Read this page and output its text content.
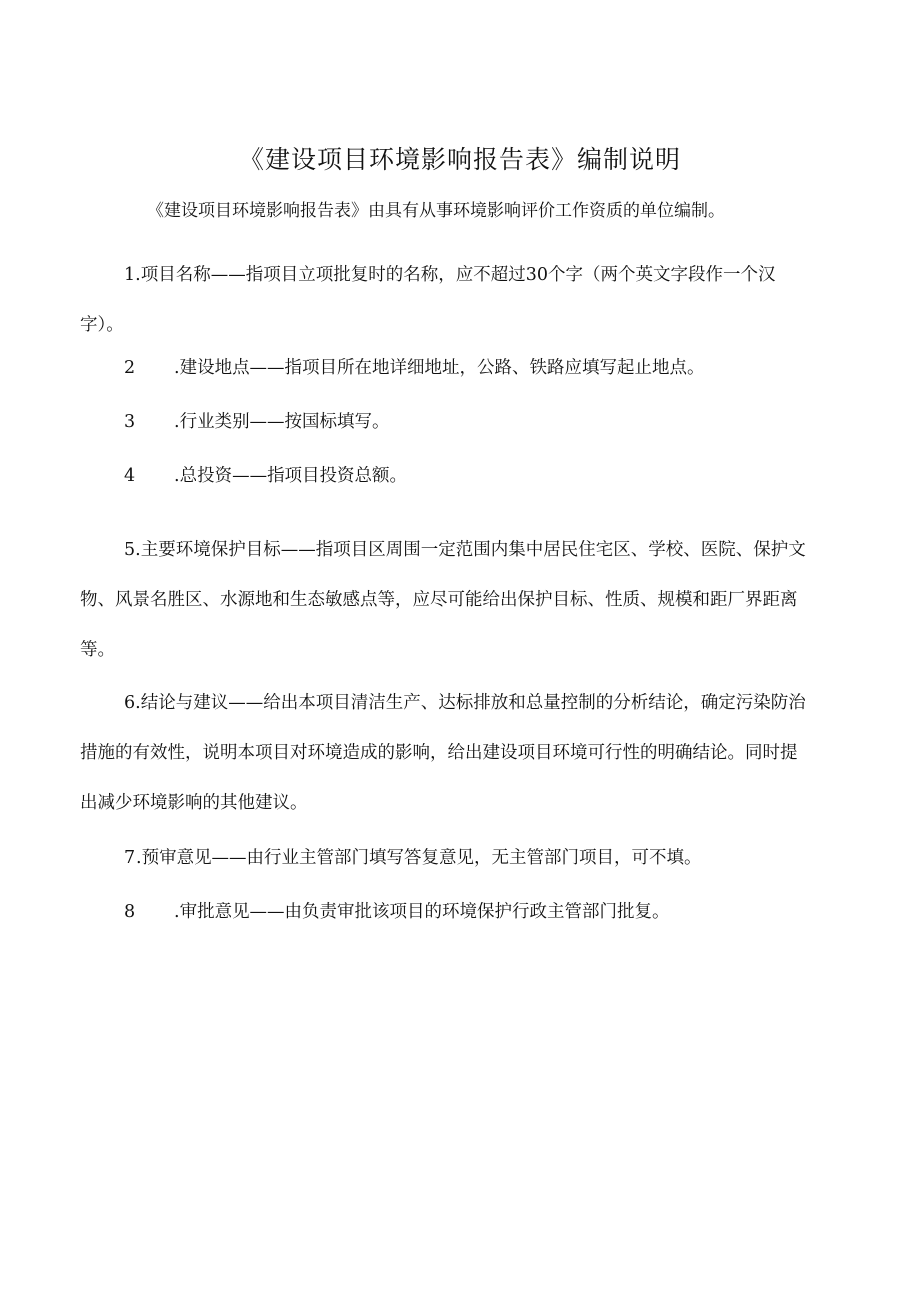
《建设项目环境影响报告表》编制说明
《建设项目环境影响报告表》由具有从事环境影响评价工作资质的单位编制。
1.项目名称——指项目立项批复时的名称，应不超过30个字（两个英文字段作一个汉
字）。
2 .建设地点——指项目所在地详细地址，公路、铁路应填写起止地点。
3 .行业类别——按国标填写。
4 .总投资——指项目投资总额。
5.主要环境保护目标——指项目区周围一定范围内集中居民住宅区、学校、医院、保护文
物、风景名胜区、水源地和生态敏感点等，应尽可能给出保护目标、性质、规模和距厂界距离
等。
6.结论与建议——给出本项目清洁生产、达标排放和总量控制的分析结论，确定污染防治
措施的有效性，说明本项目对环境造成的影响，给出建设项目环境可行性的明确结论。同时提
出减少环境影响的其他建议。
7 .预审意见——由行业主管部门填写答复意见，无主管部门项目，可不填。
8 .审批意见——由负责审批该项目的环境保护行政主管部门批复。
